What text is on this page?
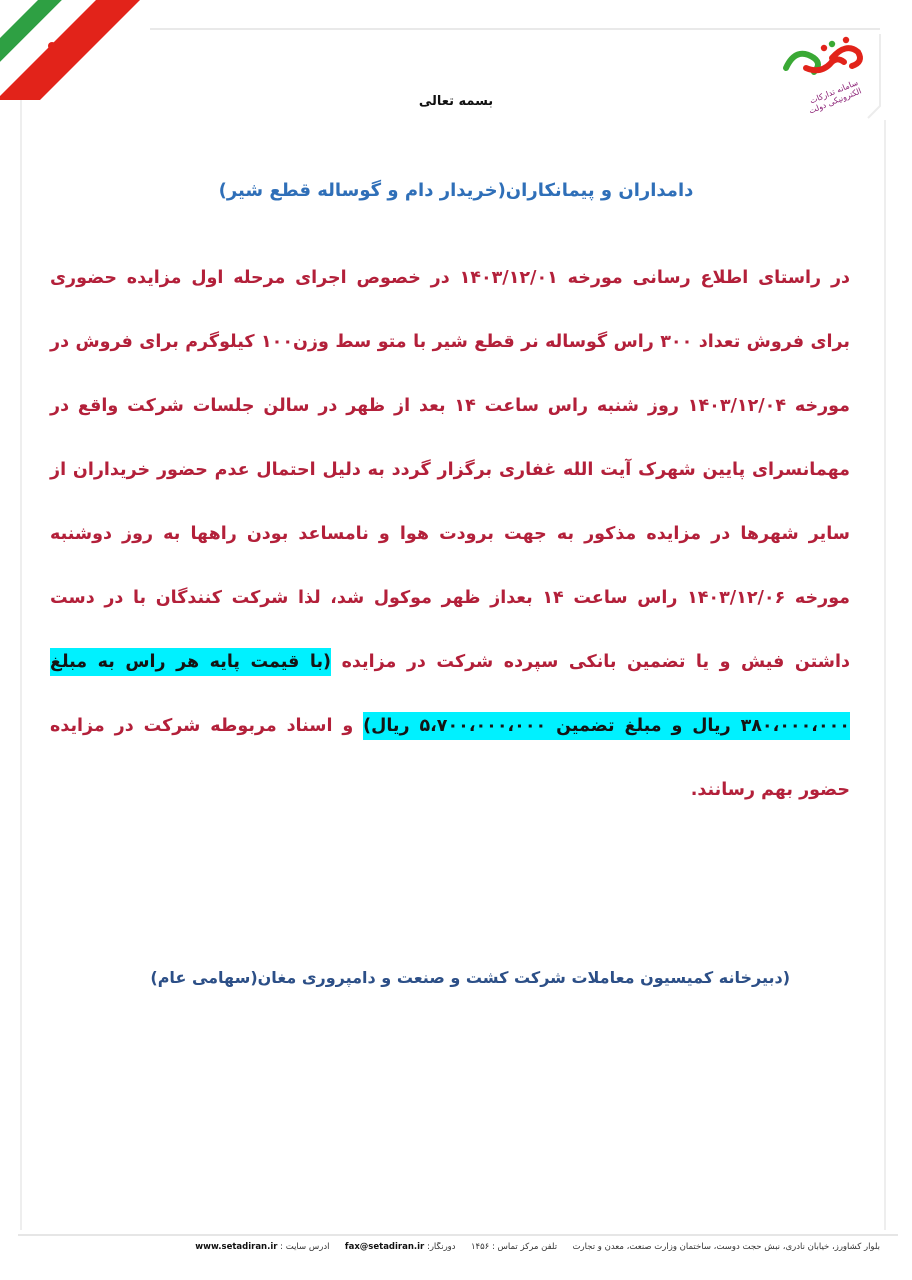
سامانه تدارکات الکترونیکی دولت
بسمه تعالی
دامداران و پیمانکاران(خریدار دام و گوساله قطع شیر)
در راستای اطلاع رسانی مورخه ۱۴۰۳/۱۲/۰۱ در خصوص اجرای مرحله اول مزایده حضوری برای فروش تعداد ۳۰۰ راس گوساله نر قطع شیر با متو سط وزن۱۰۰ کیلوگرم برای فروش در مورخه ۱۴۰۳/۱۲/۰۴ روز شنبه راس ساعت ۱۴ بعد از ظهر در سالن جلسات شرکت واقع در مهمانسرای پایین شهرک آیت الله غفاری برگزار گردد به دلیل احتمال عدم حضور خریداران از سایر شهرها در مزایده مذکور به جهت برودت هوا و نامساعد بودن راهها به روز دوشنبه مورخه ۱۴۰۳/۱۲/۰۶ راس ساعت ۱۴ بعداز ظهر موکول شد، لذا شرکت کنندگان با در دست داشتن فیش و یا تضمین بانکی سپرده شرکت در مزایده (با قیمت پایه هر راس به مبلغ ۳۸۰،۰۰۰،۰۰۰ ریال و مبلغ تضمین ۵،۷۰۰،۰۰۰،۰۰۰ ریال) و اسناد مربوطه شرکت در مزایده حضور بهم رسانند.
(دبیرخانه کمیسیون معاملات شرکت کشت و صنعت و دامپروری مغان(سهامی عام)
بلوار کشاورز، خیابان نادری، نبش حجت دوست، ساختمان وزارت صنعت، معدن و تجارت  تلفن مرکز تماس : ۱۴۵۶  دورنگار: fax@setadiran.ir  آدرس سایت : www.setadiran.ir
